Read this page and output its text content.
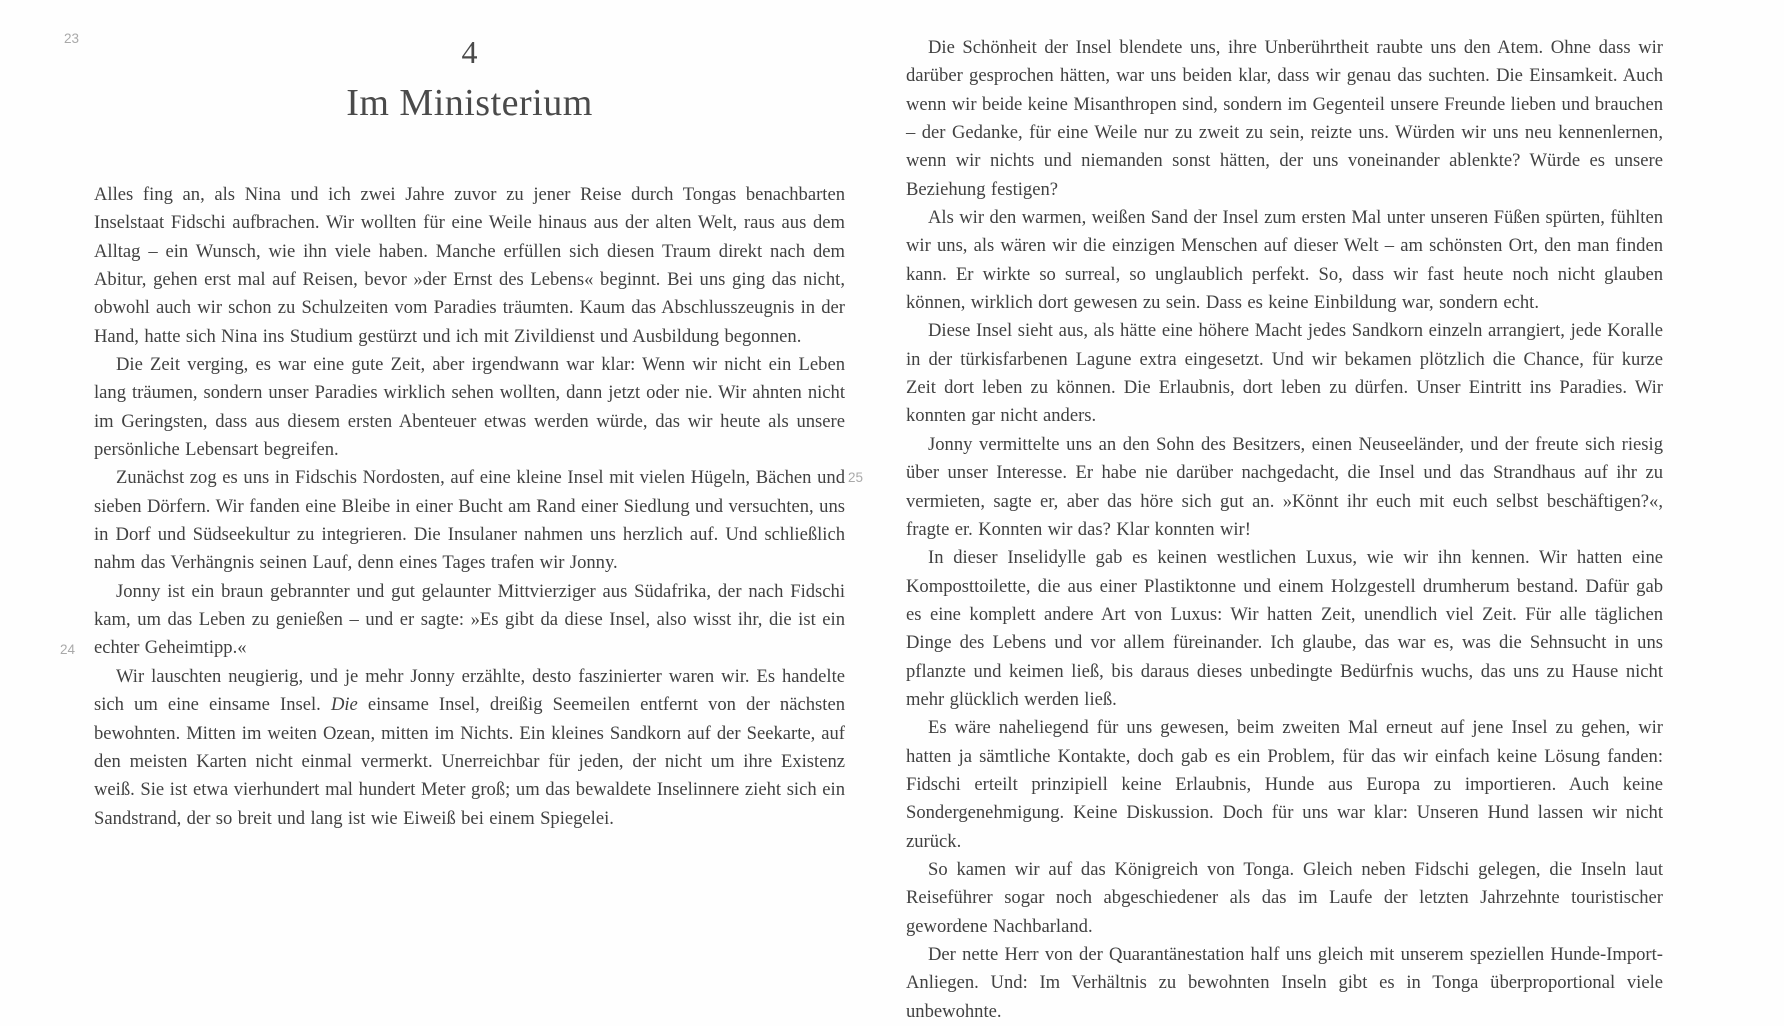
23
24
25
4
Im Ministerium

Alles fing an, als Nina und ich zwei Jahre zuvor zu jener Reise durch Tongas benachbarten Inselstaat Fidschi aufbrachen. Wir wollten für eine Weile hinaus aus der alten Welt, raus aus dem Alltag – ein Wunsch, wie ihn viele haben. Manche erfüllen sich diesen Traum direkt nach dem Abitur, gehen erst mal auf Reisen, bevor »der Ernst des Lebens« beginnt. Bei uns ging das nicht, obwohl auch wir schon zu Schulzeiten vom Paradies träumten. Kaum das Abschlusszeugnis in der Hand, hatte sich Nina ins Studium gestürzt und ich mit Zivildienst und Ausbildung begonnen.

Die Zeit verging, es war eine gute Zeit, aber irgendwann war klar: Wenn wir nicht ein Leben lang träumen, sondern unser Paradies wirklich sehen wollten, dann jetzt oder nie. Wir ahnten nicht im Geringsten, dass aus diesem ersten Abenteuer etwas werden würde, das wir heute als unsere persönliche Lebensart begreifen.

Zunächst zog es uns in Fidschis Nordosten, auf eine kleine Insel mit vielen Hügeln, Bächen und sieben Dörfern. Wir fanden eine Bleibe in einer Bucht am Rand einer Siedlung und versuchten, uns in Dorf und Südseekultur zu integrieren. Die Insulaner nahmen uns herzlich auf. Und schließlich nahm das Verhängnis seinen Lauf, denn eines Tages trafen wir Jonny.

Jonny ist ein braun gebrannter und gut gelaunter Mittvierziger aus Südafrika, der nach Fidschi kam, um das Leben zu genießen – und er sagte: »Es gibt da diese Insel, also wisst ihr, die ist ein echter Geheimtipp.«

Wir lauschten neugierig, und je mehr Jonny erzählte, desto faszinierter waren wir. Es handelte sich um eine einsame Insel. Die einsame Insel, dreißig Seemeilen entfernt von der nächsten bewohnten. Mitten im weiten Ozean, mitten im Nichts. Ein kleines Sandkorn auf der Seekarte, auf den meisten Karten nicht einmal vermerkt. Unerreichbar für jeden, der nicht um ihre Existenz weiß. Sie ist etwa vierhundert mal hundert Meter groß; um das bewaldete Inselinnere zieht sich ein Sandstrand, der so breit und lang ist wie Eiweiß bei einem Spiegelei.

Die Schönheit der Insel blendete uns, ihre Unberührtheit raubte uns den Atem. Ohne dass wir darüber gesprochen hätten, war uns beiden klar, dass wir genau das suchten. Die Einsamkeit. Auch wenn wir beide keine Misanthropen sind, sondern im Gegenteil unsere Freunde lieben und brauchen – der Gedanke, für eine Weile nur zu zweit zu sein, reizte uns. Würden wir uns neu kennenlernen, wenn wir nichts und niemanden sonst hätten, der uns voneinander ablenkte? Würde es unsere Beziehung festigen?

Als wir den warmen, weißen Sand der Insel zum ersten Mal unter unseren Füßen spürten, fühlten wir uns, als wären wir die einzigen Menschen auf dieser Welt – am schönsten Ort, den man finden kann. Er wirkte so surreal, so unglaublich perfekt. So, dass wir fast heute noch nicht glauben können, wirklich dort gewesen zu sein. Dass es keine Einbildung war, sondern echt.

Diese Insel sieht aus, als hätte eine höhere Macht jedes Sandkorn einzeln arrangiert, jede Koralle in der türkisfarbenen Lagune extra eingesetzt. Und wir bekamen plötzlich die Chance, für kurze Zeit dort leben zu können. Die Erlaubnis, dort leben zu dürfen. Unser Eintritt ins Paradies. Wir konnten gar nicht anders.

Jonny vermittelte uns an den Sohn des Besitzers, einen Neuseeländer, und der freute sich riesig über unser Interesse. Er habe nie darüber nachgedacht, die Insel und das Strandhaus auf ihr zu vermieten, sagte er, aber das höre sich gut an. »Könnt ihr euch mit euch selbst beschäftigen?«, fragte er. Konnten wir das? Klar konnten wir!

In dieser Inselidylle gab es keinen westlichen Luxus, wie wir ihn kennen. Wir hatten eine Komposttoilette, die aus einer Plastiktonne und einem Holzgestell drumherum bestand. Dafür gab es eine komplett andere Art von Luxus: Wir hatten Zeit, unendlich viel Zeit. Für alle täglichen Dinge des Lebens und vor allem füreinander. Ich glaube, das war es, was die Sehnsucht in uns pflanzte und keimen ließ, bis daraus dieses unbedingte Bedürfnis wuchs, das uns zu Hause nicht mehr glücklich werden ließ.

Es wäre naheliegend für uns gewesen, beim zweiten Mal erneut auf jene Insel zu gehen, wir hatten ja sämtliche Kontakte, doch gab es ein Problem, für das wir einfach keine Lösung fanden: Fidschi erteilt prinzipiell keine Erlaubnis, Hunde aus Europa zu importieren. Auch keine Sondergenehmigung. Keine Diskussion. Doch für uns war klar: Unseren Hund lassen wir nicht zurück.

So kamen wir auf das Königreich von Tonga. Gleich neben Fidschi gelegen, die Inseln laut Reiseführer sogar noch abgeschiedener als das im Laufe der letzten Jahrzehnte touristischer gewordene Nachbarland.

Der nette Herr von der Quarantänestation half uns gleich mit unserem speziellen Hunde-Import-Anliegen. Und: Im Verhältnis zu bewohnten Inseln gibt es in Tonga überproportional viele unbewohnte.
